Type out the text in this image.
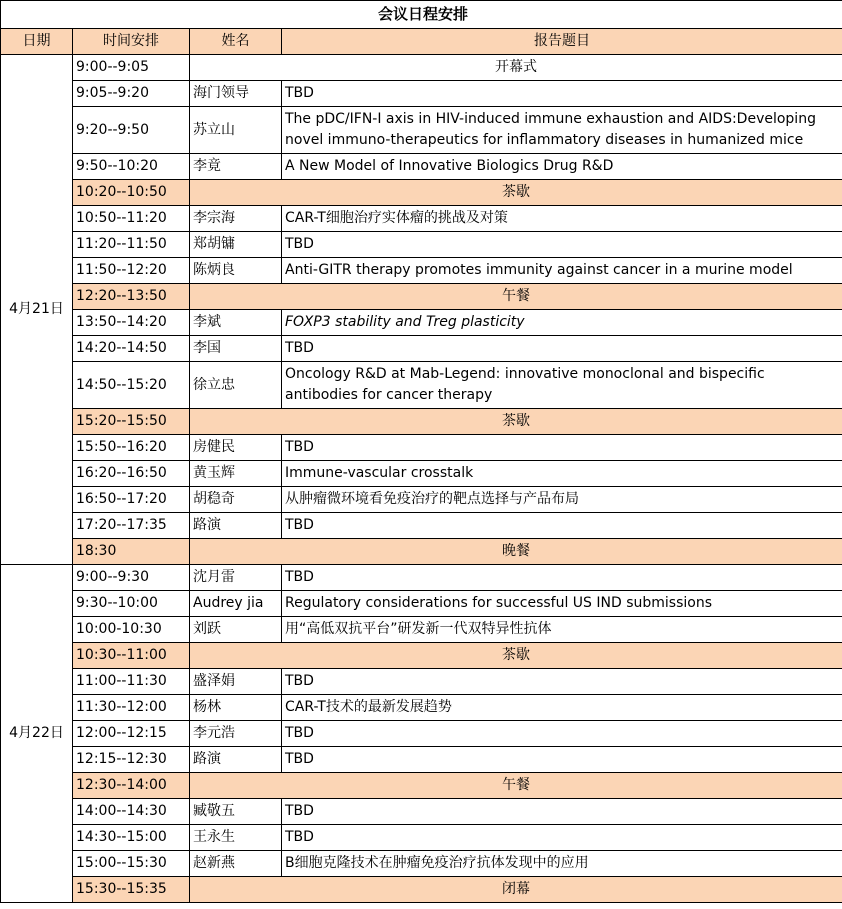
会议日程安排			
日期	时间安排	姓名	报告题目
4月21日	9:00--9:05	开幕式	
	9:05--9:20	海门领导	TBD
	9:20--9:50	苏立山	The pDC/IFN-I axis in HIV-induced immune exhaustion and AIDS:Developing novel immuno-therapeutics for inflammatory diseases in humanized mice
	9:50--10:20	李竟	A New Model of Innovative Biologics Drug R&D
	10:20--10:50	茶歇	
	10:50--11:20	李宗海	CAR-T细胞治疗实体瘤的挑战及对策
	11:20--11:50	郑胡镛	TBD
	11:50--12:20	陈炳良	Anti-GITR therapy promotes immunity against cancer in a murine model
	12:20--13:50	午餐	
	13:50--14:20	李斌	FOXP3 stability and Treg plasticity
	14:20--14:50	李国	TBD
	14:50--15:20	徐立忠	Oncology R&D at Mab-Legend: innovative monoclonal and bispecific antibodies for cancer therapy
	15:20--15:50	茶歇	
	15:50--16:20	房健民	TBD
	16:20--16:50	黄玉辉	Immune-vascular crosstalk
	16:50--17:20	胡稳奇	从肿瘤微环境看免疫治疗的靶点选择与产品布局
	17:20--17:35	路演	TBD
	18:30	晚餐	
4月22日	9:00--9:30	沈月雷	TBD
	9:30--10:00	Audrey jia	Regulatory considerations for successful US IND submissions
	10:00-10:30	刘跃	用“高低双抗平台”研发新一代双特异性抗体
	10:30--11:00	茶歇	
	11:00--11:30	盛泽娟	TBD
	11:30--12:00	杨林	CAR-T技术的最新发展趋势
	12:00--12:15	李元浩	TBD
	12:15--12:30	路演	TBD
	12:30--14:00	午餐	
	14:00--14:30	臧敬五	TBD
	14:30--15:00	王永生	TBD
	15:00--15:30	赵新燕	B细胞克隆技术在肿瘤免疫治疗抗体发现中的应用
	15:30--15:35	闭幕	
